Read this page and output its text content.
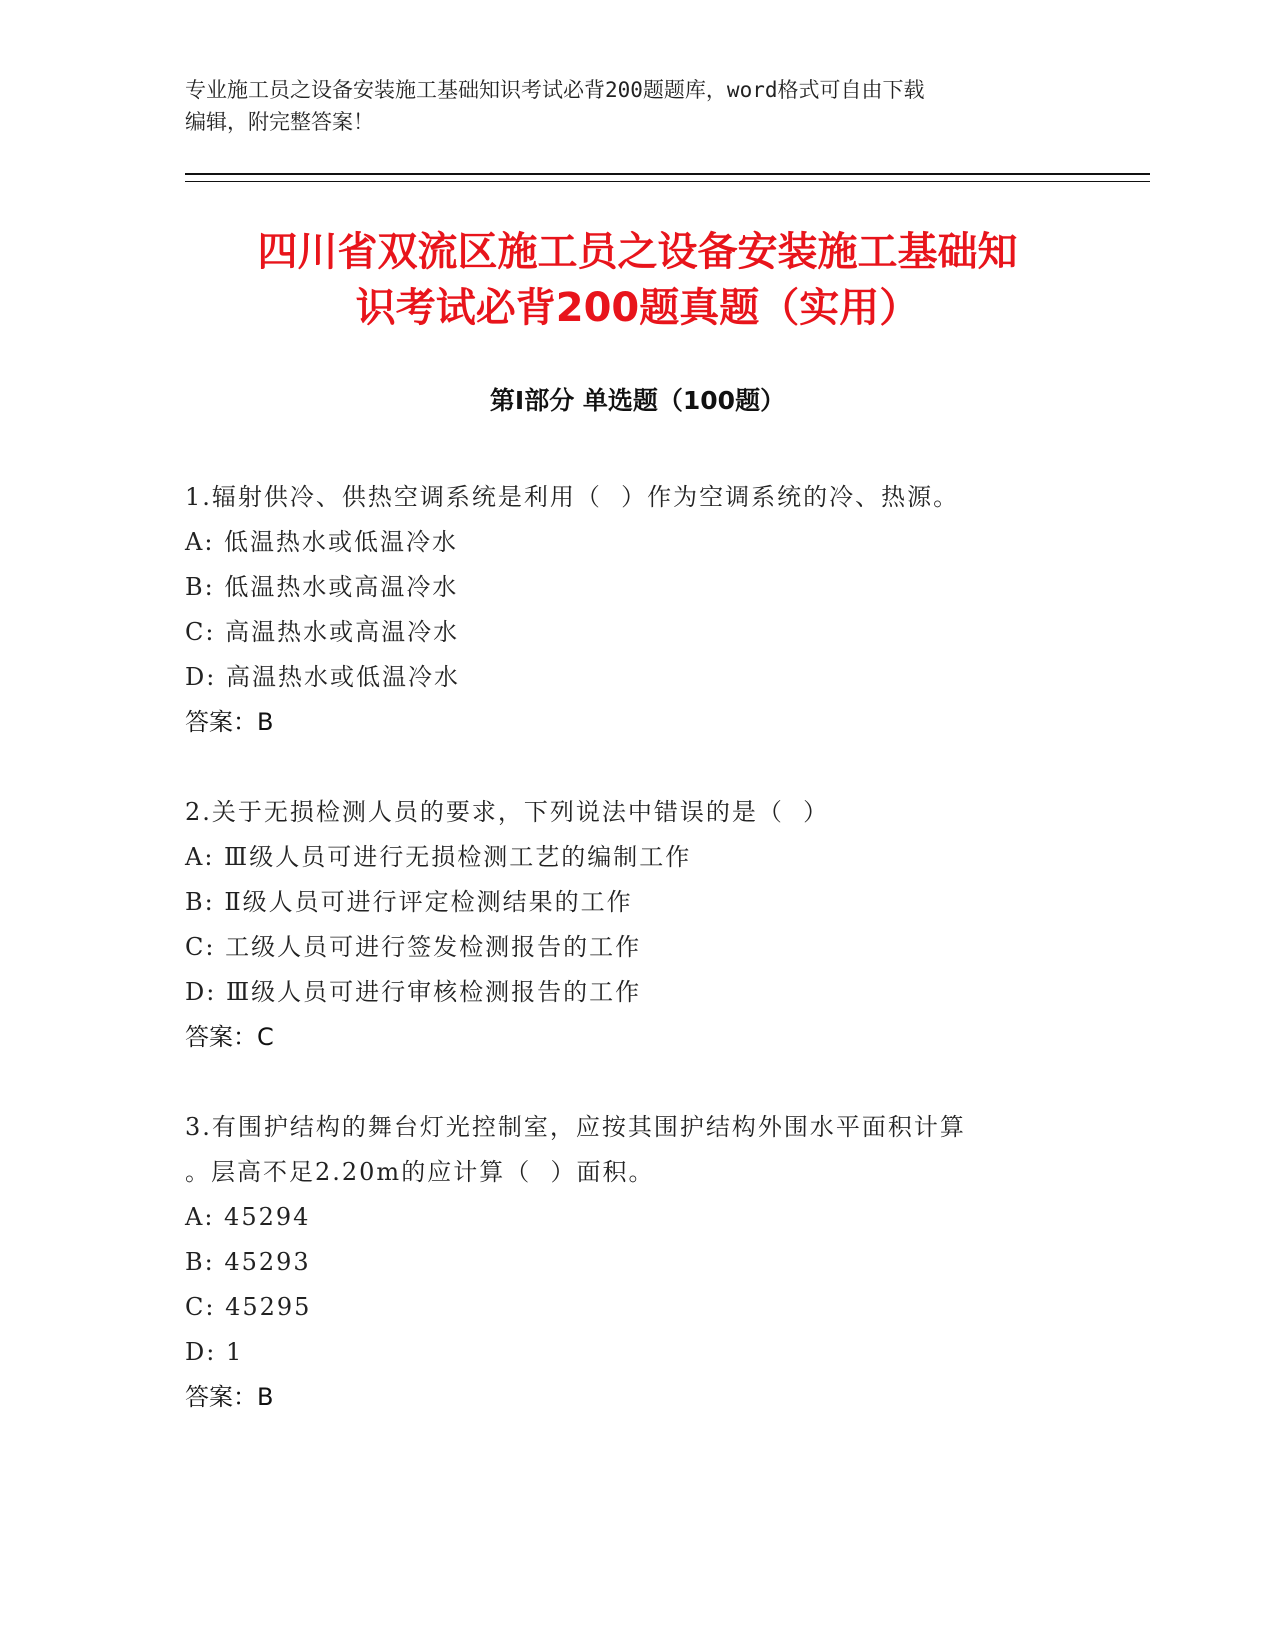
专业施工员之设备安装施工基础知识考试必背200题题库，word格式可自由下载
编辑，附完整答案！

四川省双流区施工员之设备安装施工基础知
识考试必背200题真题（实用）
第Ⅰ部分 单选题（100题）

1.辐射供冷、供热空调系统是利用（  ）作为空调系统的冷、热源。

A: 低温热水或低温冷水

B: 低温热水或高温冷水

C: 高温热水或高温冷水

D: 高温热水或低温冷水

答案：B

2.关于无损检测人员的要求，下列说法中错误的是（  ）

A: Ⅲ级人员可进行无损检测工艺的编制工作

B: Ⅱ级人员可进行评定检测结果的工作

C: 工级人员可进行签发检测报告的工作

D: Ⅲ级人员可进行审核检测报告的工作

答案：C

3.有围护结构的舞台灯光控制室，应按其围护结构外围水平面积计算

。层高不足2.20m的应计算（  ）面积。

A: 45294

B: 45293

C: 45295

D: 1

答案：B
